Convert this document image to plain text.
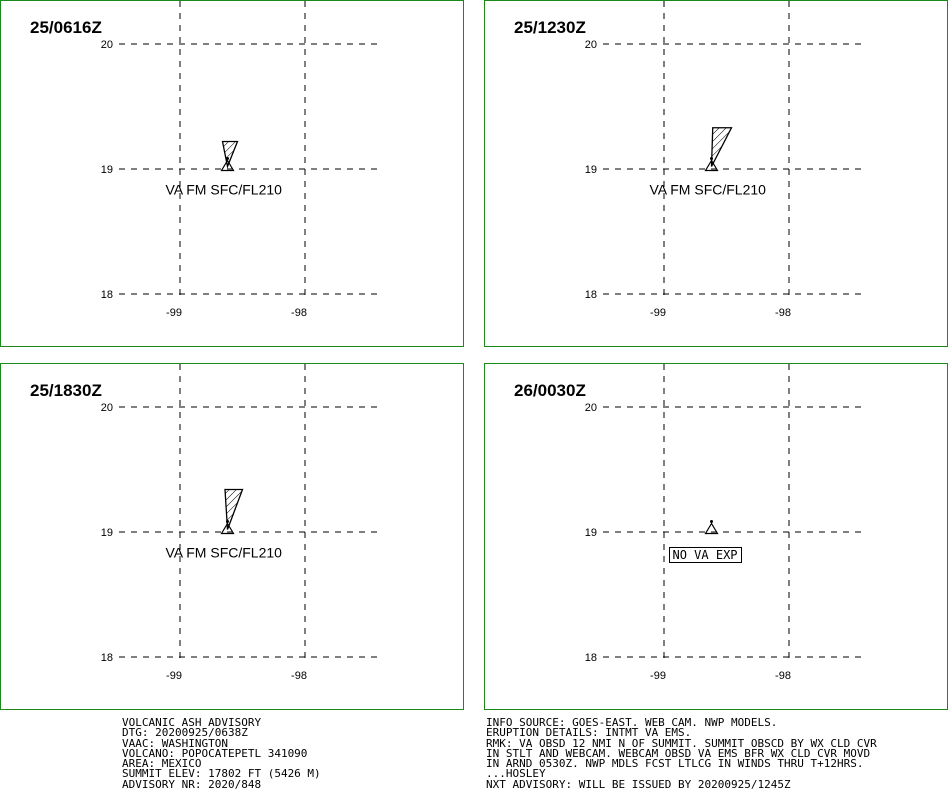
20
19
18
-99	-98
VA FM SFC/FL210
25/0616Z
20
19
18
-99	-98
VA FM SFC/FL210
25/1230Z
20
19
18
-99	-98
VA FM SFC/FL210
25/1830Z
20
19
18
-99	-98
26/0030Z
NO VA EXP
VOLCANIC ASH ADVISORY
DTG: 20200925/0638Z
VAAC: WASHINGTON
VOLCANO: POPOCATEPETL 341090
AREA: MEXICO
SUMMIT ELEV: 17802 FT (5426 M)
ADVISORY NR: 2020/848
INFO SOURCE: GOES-EAST. WEB CAM. NWP MODELS.
ERUPTION DETAILS: INTMT VA EMS.
RMK: VA OBSD 12 NMI N OF SUMMIT. SUMMIT OBSCD BY WX CLD CVR
IN STLT AND WEBCAM. WEBCAM OBSD VA EMS BFR WX CLD CVR MOVD
IN ARND 0530Z. NWP MDLS FCST LTLCG IN WINDS THRU T+12HRS.
...HOSLEY
NXT ADVISORY: WILL BE ISSUED BY 20200925/1245Z
